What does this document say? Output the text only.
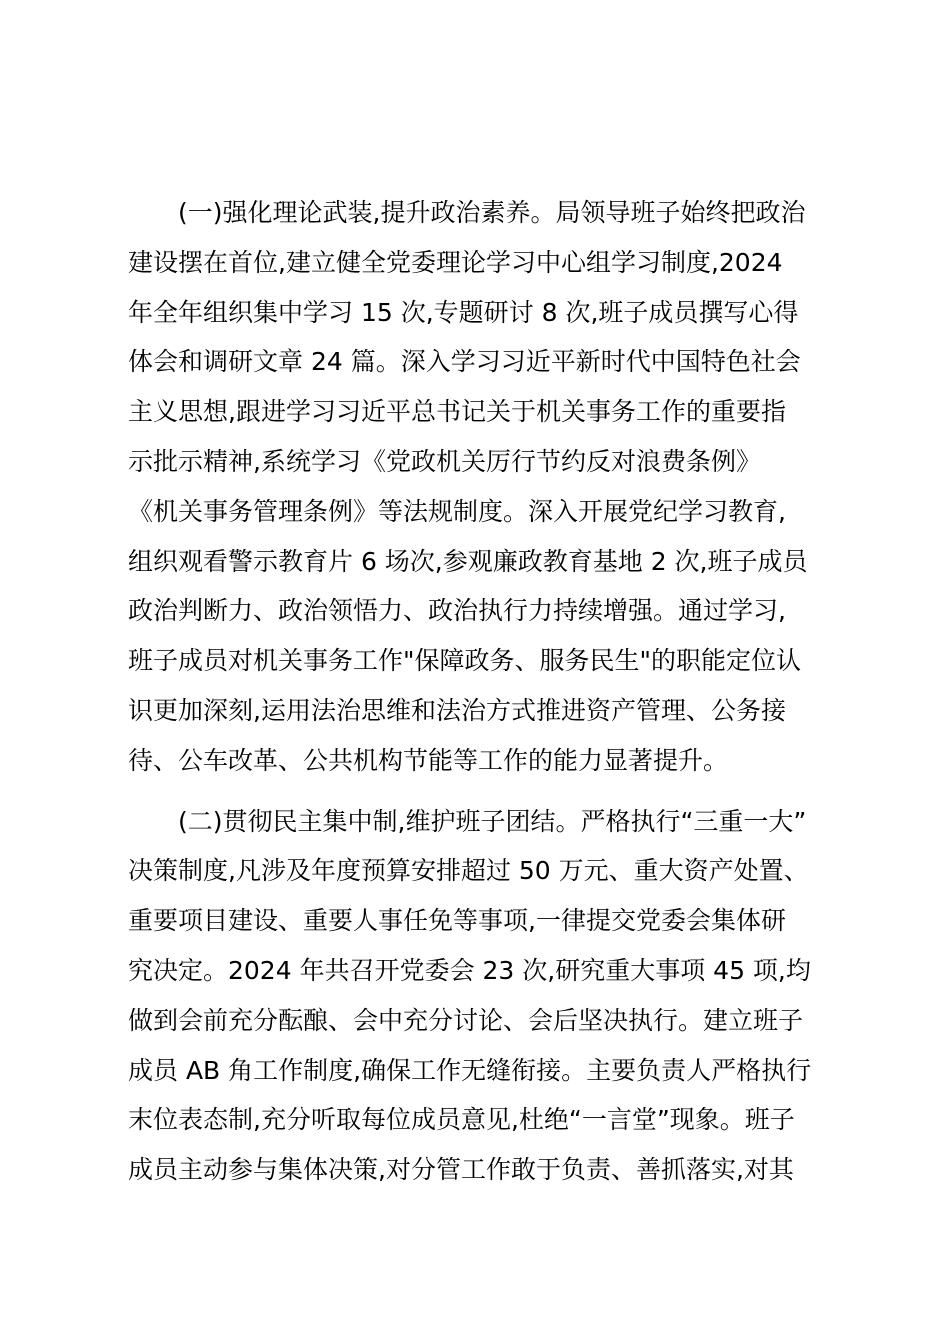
(一)强化理论武装,提升政治素养。局领导班子始终把政治
建设摆在首位,建立健全党委理论学习中心组学习制度,2024
年全年组织集中学习 15 次,专题研讨 8 次,班子成员撰写心得
体会和调研文章 24 篇。深入学习习近平新时代中国特色社会
主义思想,跟进学习习近平总书记关于机关事务工作的重要指
示批示精神,系统学习《党政机关厉行节约反对浪费条例》
《机关事务管理条例》等法规制度。深入开展党纪学习教育,
组织观看警示教育片 6 场次,参观廉政教育基地 2 次,班子成员
政治判断力、政治领悟力、政治执行力持续增强。通过学习,
班子成员对机关事务工作"保障政务、服务民生"的职能定位认
识更加深刻,运用法治思维和法治方式推进资产管理、公务接
待、公车改革、公共机构节能等工作的能力显著提升。
(二)贯彻民主集中制,维护班子团结。严格执行“三重一大”
决策制度,凡涉及年度预算安排超过 50 万元、重大资产处置、
重要项目建设、重要人事任免等事项,一律提交党委会集体研
究决定。2024 年共召开党委会 23 次,研究重大事项 45 项,均
做到会前充分酝酿、会中充分讨论、会后坚决执行。建立班子
成员 AB 角工作制度,确保工作无缝衔接。主要负责人严格执行
末位表态制,充分听取每位成员意见,杜绝“一言堂”现象。班子
成员主动参与集体决策,对分管工作敢于负责、善抓落实,对其
